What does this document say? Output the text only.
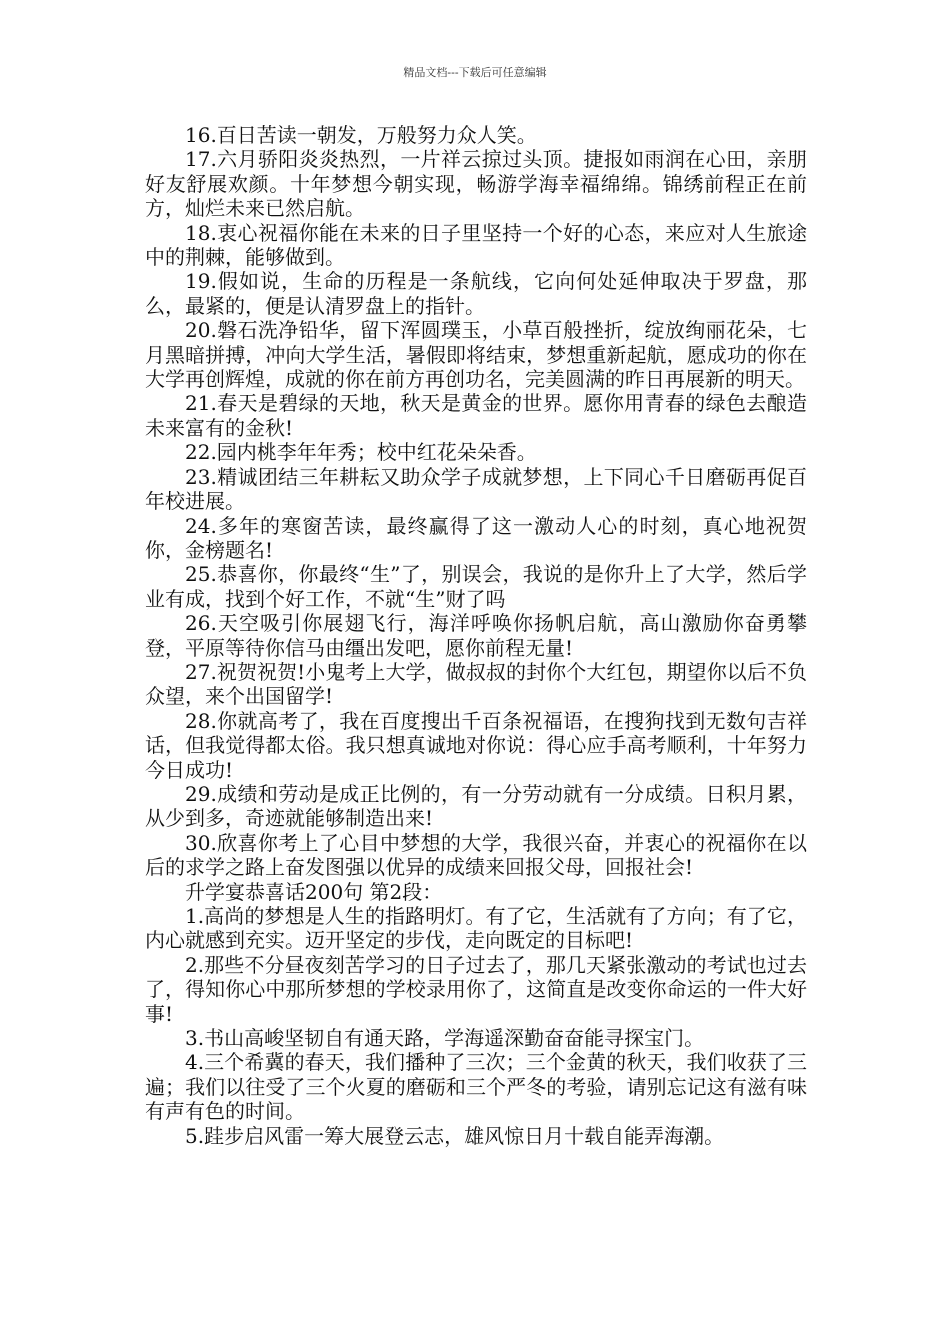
精品文档---下载后可任意编辑

16.百日苦读一朝发，万般努力众人笑。

17.六月骄阳炎炎热烈，一片祥云掠过头顶。捷报如雨润在心田，亲朋好友舒展欢颜。十年梦想今朝实现，畅游学海幸福绵绵。锦绣前程正在前方，灿烂未来已然启航。

18.衷心祝福你能在未来的日子里坚持一个好的心态，来应对人生旅途中的荆棘，能够做到。

19.假如说，生命的历程是一条航线，它向何处延伸取决于罗盘，那么，最紧的，便是认清罗盘上的指针。

20.磐石洗净铅华，留下浑圆璞玉，小草百般挫折，绽放绚丽花朵，七月黑暗拼搏，冲向大学生活，暑假即将结束，梦想重新起航，愿成功的你在大学再创辉煌，成就的你在前方再创功名，完美圆满的昨日再展新的明天。

21.春天是碧绿的天地，秋天是黄金的世界。愿你用青春的绿色去酿造未来富有的金秋!

22.园内桃李年年秀；校中红花朵朵香。

23.精诚团结三年耕耘又助众学子成就梦想，上下同心千日磨砺再促百年校进展。

24.多年的寒窗苦读，最终赢得了这一激动人心的时刻，真心地祝贺你，金榜题名!

25.恭喜你，你最终“生”了，别误会，我说的是你升上了大学，然后学业有成，找到个好工作，不就“生”财了吗

26.天空吸引你展翅飞行，海洋呼唤你扬帆启航，高山激励你奋勇攀登，平原等待你信马由缰出发吧，愿你前程无量!

27.祝贺祝贺!小鬼考上大学，做叔叔的封你个大红包，期望你以后不负众望，来个出国留学!

28.你就高考了，我在百度搜出千百条祝福语，在搜狗找到无数句吉祥话，但我觉得都太俗。我只想真诚地对你说：得心应手高考顺利，十年努力今日成功!

29.成绩和劳动是成正比例的，有一分劳动就有一分成绩。日积月累，从少到多，奇迹就能够制造出来!

30.欣喜你考上了心目中梦想的大学，我很兴奋，并衷心的祝福你在以后的求学之路上奋发图强以优异的成绩来回报父母，回报社会!

升学宴恭喜话200句 第2段：

1.高尚的梦想是人生的指路明灯。有了它，生活就有了方向；有了它，内心就感到充实。迈开坚定的步伐，走向既定的目标吧!

2.那些不分昼夜刻苦学习的日子过去了，那几天紧张激动的考试也过去了，得知你心中那所梦想的学校录用你了，这简直是改变你命运的一件大好事!

3.书山高峻坚韧自有通天路，学海遥深勤奋奋能寻探宝门。

4.三个希冀的春天，我们播种了三次；三个金黄的秋天，我们收获了三遍；我们以往受了三个火夏的磨砺和三个严冬的考验，请别忘记这有滋有味有声有色的时间。

5.跬步启风雷一筹大展登云志，雄风惊日月十载自能弄海潮。
